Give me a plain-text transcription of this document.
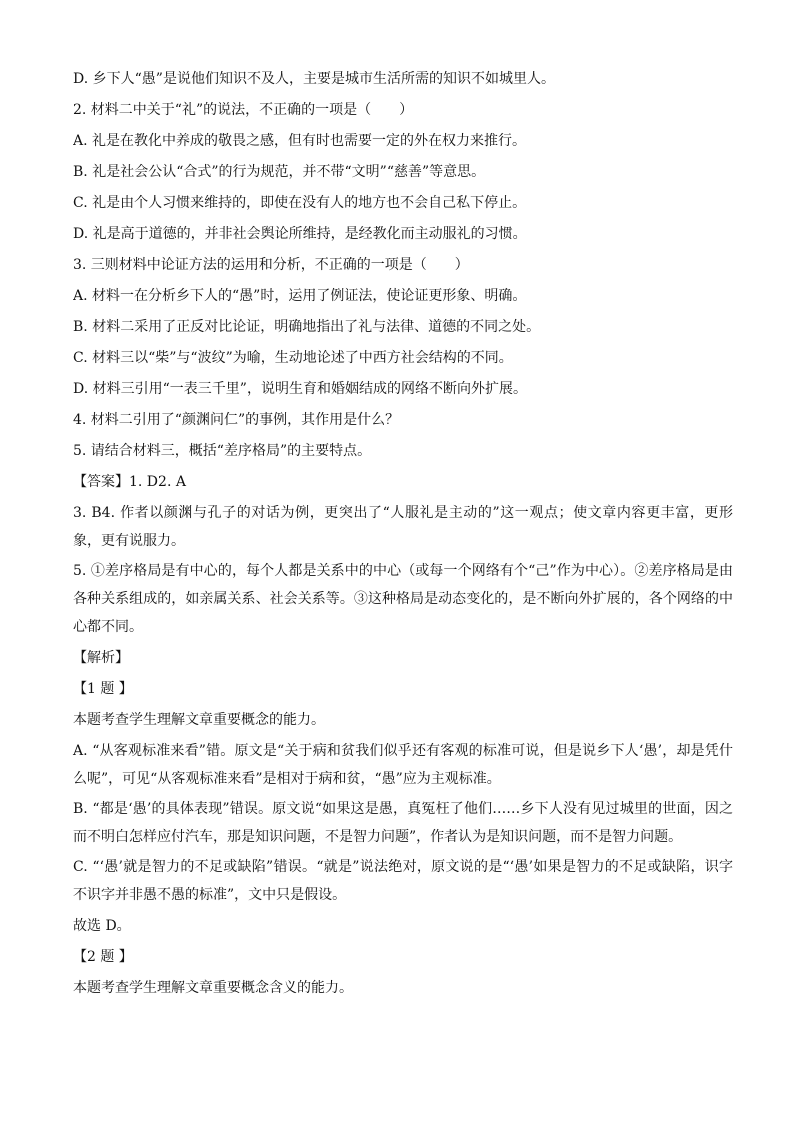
D. 乡下人“愚”是说他们知识不及人，主要是城市生活所需的知识不如城里人。
2. 材料二中关于“礼”的说法，不正确的一项是（　　）
A. 礼是在教化中养成的敬畏之感，但有时也需要一定的外在权力来推行。
B. 礼是社会公认“合式”的行为规范，并不带“文明”“慈善”等意思。
C. 礼是由个人习惯来维持的，即使在没有人的地方也不会自己私下停止。
D. 礼是高于道德的，并非社会舆论所维持，是经教化而主动服礼的习惯。
3. 三则材料中论证方法的运用和分析，不正确的一项是（　　）
A. 材料一在分析乡下人的“愚”时，运用了例证法，使论证更形象、明确。
B. 材料二采用了正反对比论证，明确地指出了礼与法律、道德的不同之处。
C. 材料三以“柴”与“波纹”为喻，生动地论述了中西方社会结构的不同。
D. 材料三引用“一表三千里”，说明生育和婚姻结成的网络不断向外扩展。
4. 材料二引用了“颜渊问仁”的事例，其作用是什么？
5. 请结合材料三，概括“差序格局”的主要特点。
【答案】1. D2. A
3. B4. 作者以颜渊与孔子的对话为例，更突出了“人服礼是主动的”这一观点；使文章内容更丰富，更形象，更有说服力。
5. ①差序格局是有中心的，每个人都是关系中的中心（或每一个网络有个“己”作为中心）。②差序格局是由各种关系组成的，如亲属关系、社会关系等。③这种格局是动态变化的，是不断向外扩展的，各个网络的中心都不同。
【解析】
【1 题 】
本题考查学生理解文章重要概念的能力。
A. “从客观标准来看”错。原文是“关于病和贫我们似乎还有客观的标准可说，但是说乡下人‘愚’，却是凭什么呢”，可见“从客观标准来看”是相对于病和贫，“愚”应为主观标准。
B. “都是‘愚’的具体表现”错误。原文说“如果这是愚，真冤枉了他们……乡下人没有见过城里的世面，因之而不明白怎样应付汽车，那是知识问题，不是智力问题”，作者认为是知识问题，而不是智力问题。
C. “‘愚’就是智力的不足或缺陷”错误。“就是”说法绝对，原文说的是“‘愚’如果是智力的不足或缺陷，识字不识字并非愚不愚的标准”，文中只是假设。
故选 D。
【2 题 】
本题考查学生理解文章重要概念含义的能力。
